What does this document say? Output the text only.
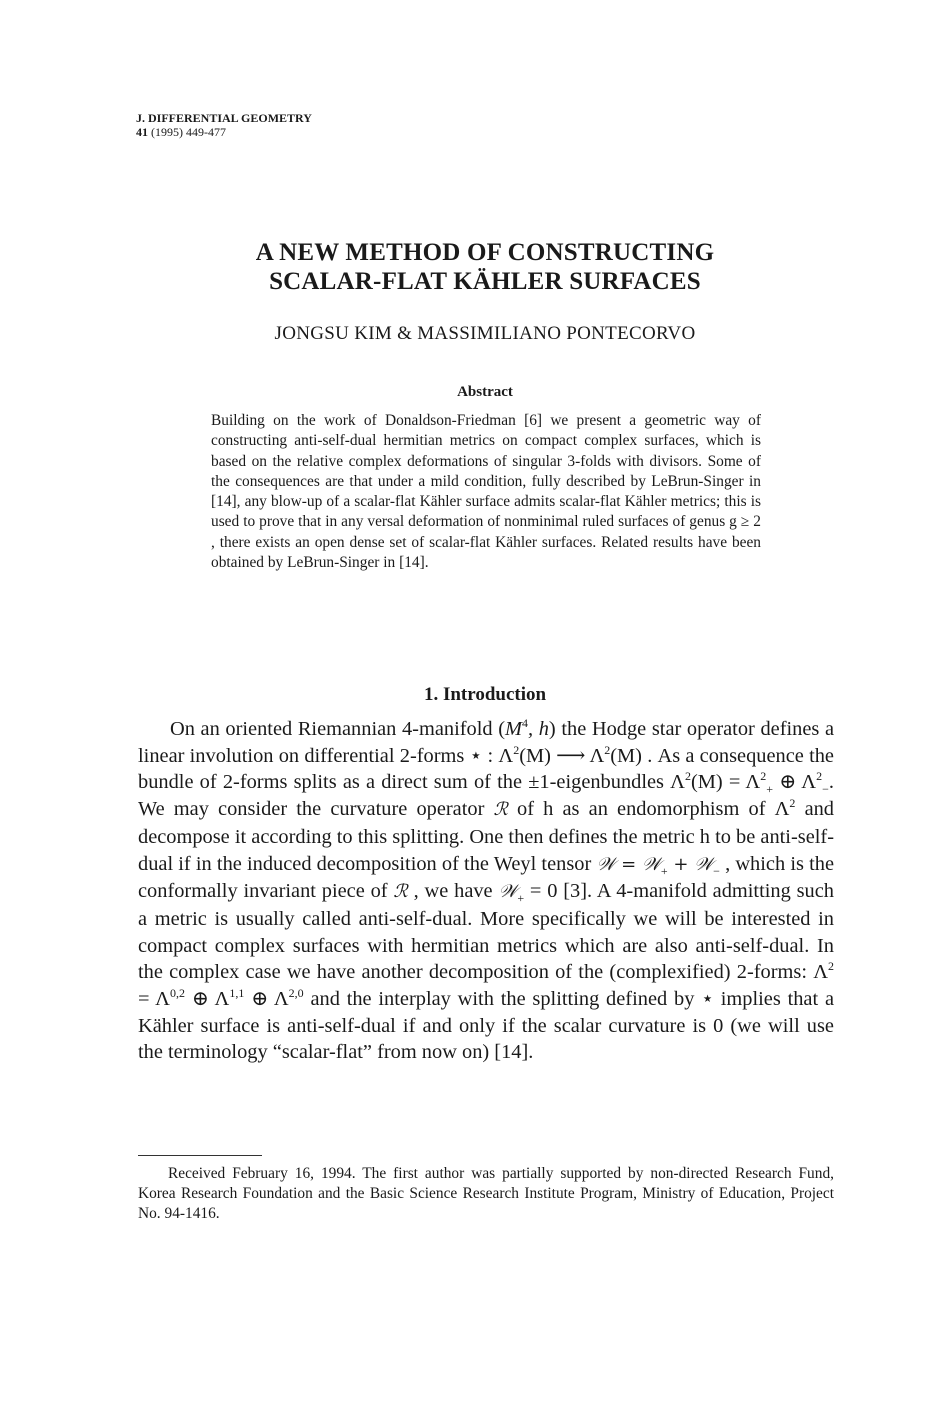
J. DIFFERENTIAL GEOMETRY
41 (1995) 449-477
A NEW METHOD OF CONSTRUCTING
SCALAR-FLAT KÄHLER SURFACES
JONGSU KIM & MASSIMILIANO PONTECORVO
Abstract
Building on the work of Donaldson-Friedman [6] we present a geometric way of constructing anti-self-dual hermitian metrics on compact complex surfaces, which is based on the relative complex deformations of singular 3-folds with divisors. Some of the consequences are that under a mild condition, fully described by LeBrun-Singer in [14], any blow-up of a scalar-flat Kähler surface admits scalar-flat Kähler metrics; this is used to prove that in any versal deformation of nonminimal ruled surfaces of genus g ≥ 2 , there exists an open dense set of scalar-flat Kähler surfaces. Related results have been obtained by LeBrun-Singer in [14].
1. Introduction
On an oriented Riemannian 4-manifold ($M^4$, h) the Hodge star operator defines a linear involution on differential 2-forms ⋆ : $\Lambda^2(M)$ ⟶ $\Lambda^2(M)$ . As a consequence the bundle of 2-forms splits as a direct sum of the ±1-eigenbundles $\Lambda^2(M) = \Lambda^2_+$ ⊕ $\Lambda^2_-$. We may consider the curvature operator ℛ of h as an endomorphism of $\Lambda^2$ and decompose it according to this splitting. One then defines the metric h to be anti-self-dual if in the induced decomposition of the Weyl tensor 𝒲 = 𝒲$_+$ + 𝒲$_-$ , which is the conformally invariant piece of ℛ , we have 𝒲$_+$ = 0 [3]. A 4-manifold admitting such a metric is usually called anti-self-dual. More specifically we will be interested in compact complex surfaces with hermitian metrics which are also anti-self-dual. In the complex case we have another decomposition of the (complexified) 2-forms: $\Lambda^2 = \Lambda^{0,2}$ ⊕ Λ$^{1,1}$ ⊕ Λ$^{2,0}$ and the interplay with the splitting defined by ⋆ implies that a Kähler surface is anti-self-dual if and only if the scalar curvature is 0 (we will use the terminology “scalar-flat” from now on) [14].
Received February 16, 1994. The first author was partially supported by non-directed Research Fund, Korea Research Foundation and the Basic Science Research Institute Program, Ministry of Education, Project No. 94-1416.
